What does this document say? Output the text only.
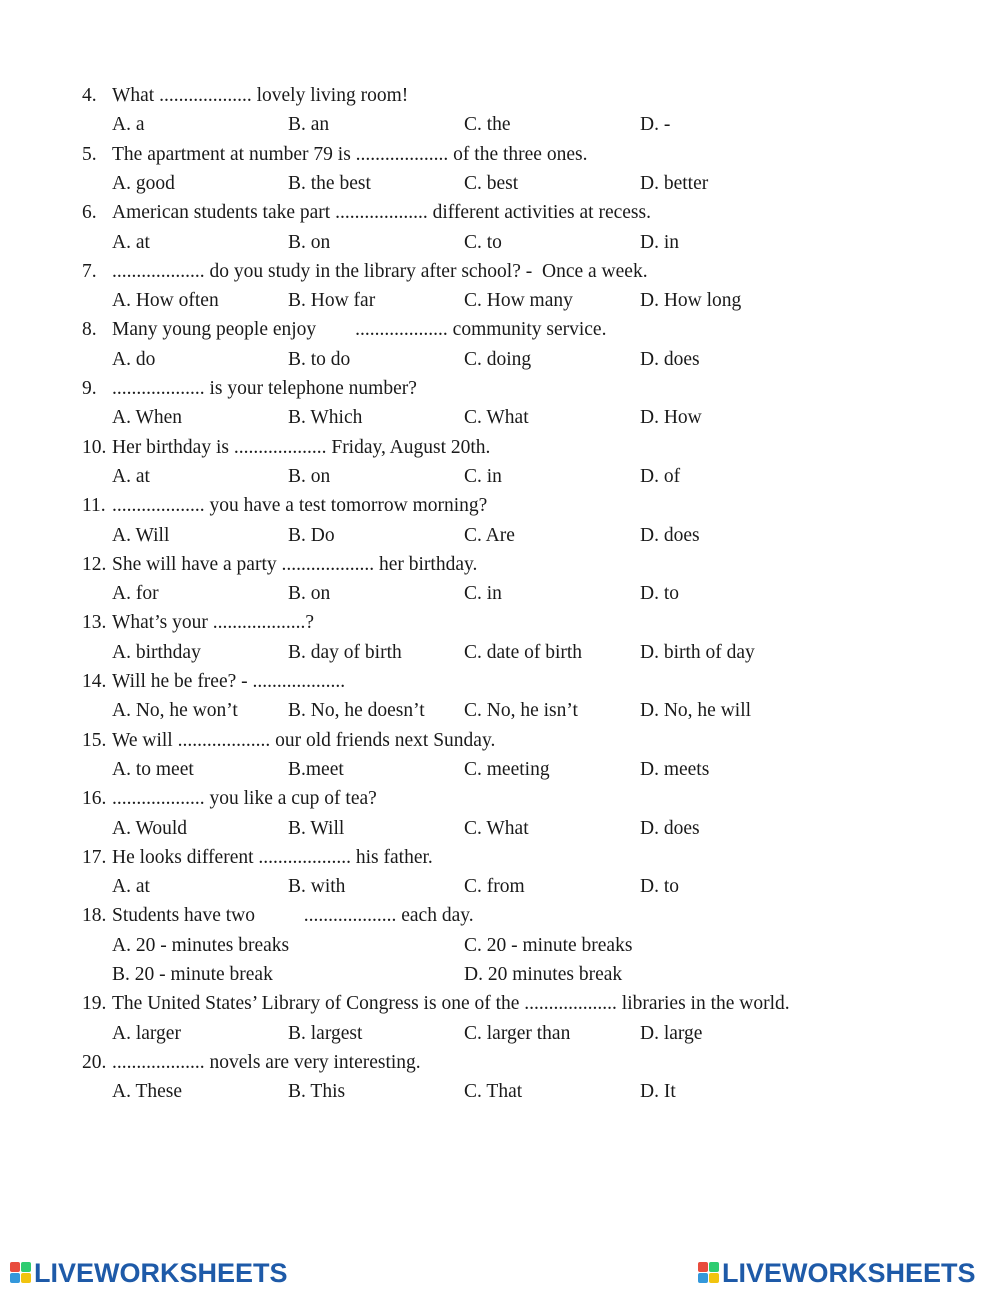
4. What ................... lovely living room!
A. a	B. an	C. the	D. -
5. The apartment at number 79 is ................... of the three ones.
A. good	B. the best	C. best	D. better
6. American students take part ................... different activities at recess.
A. at	B. on	C. to	D. in
7. ................... do you study in the library after school? -  Once a week.
A. How often	B. How far	C. How many	D. How long
8. Many young people enjoy        ................... community service.
A. do	B. to do	C. doing	D. does
9. ................... is your telephone number?
A. When	B. Which	C. What	D. How
10. Her birthday is ................... Friday, August 20th.
A. at	B. on	C. in	D. of
11. ................... you have a test tomorrow morning?
A. Will	B. Do	C. Are	D. does
12. She will have a party ................... her birthday.
A. for	B. on	C. in	D. to
13. What’s your ...................?
A. birthday	B. day of birth	C. date of birth	D. birth of day
14. Will he be free? - ...................
A. No, he won’t	B. No, he doesn’t C. No, he isn’t	D. No, he will
15. We will ................... our old friends next Sunday.
A. to meet	B.meet	C. meeting	D. meets
16. ................... you like a cup of tea?
A. Would	B. Will	C. What	D. does
17. He looks different ................... his father.
A. at	B. with	C. from	D. to
18. Students have two          ................... each day.
A. 20 - minutes breaks	C. 20 - minute breaks
B. 20 - minute break	D. 20 minutes break
19. The United States’ Library of Congress is one of the ................... libraries in the world.
A. larger	B. largest	C. larger than	D. large
20. ................... novels are very interesting.
A. These	B. This	C. That	D. It
LIVEWORKSHEETS	LIVEWORKSHEETS
